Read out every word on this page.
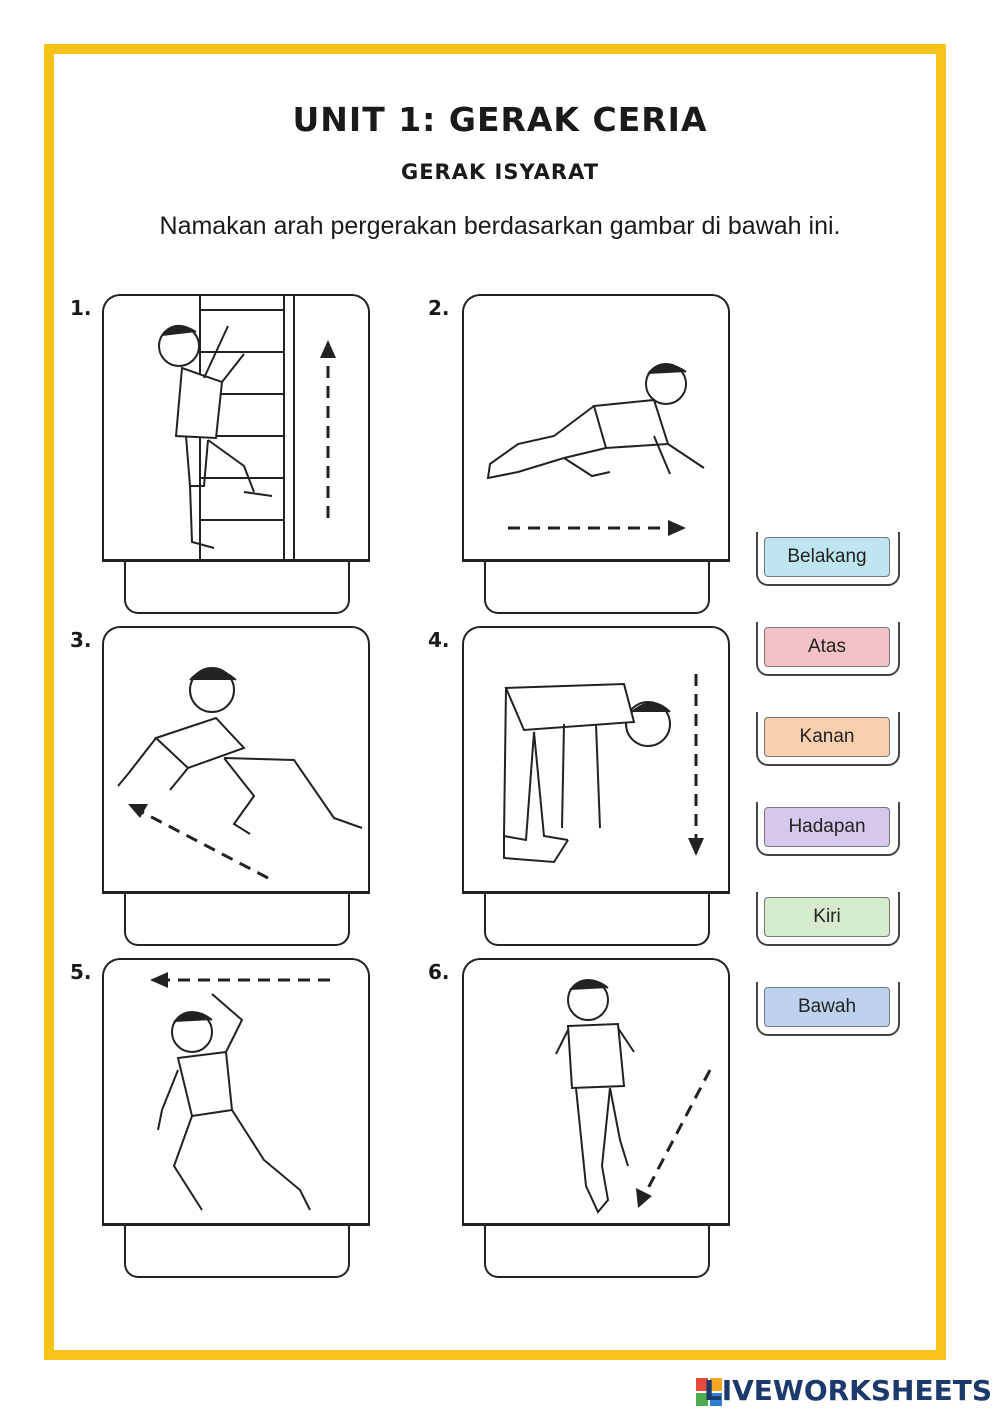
UNIT 1: GERAK CERIA
GERAK ISYARAT
Namakan arah pergerakan berdasarkan gambar di bawah ini.
1.	2.
3.	4.
5.	6.
Belakang
Atas
Kanan
Hadapan
Kiri
Bawah
LIVEWORKSHEETS
